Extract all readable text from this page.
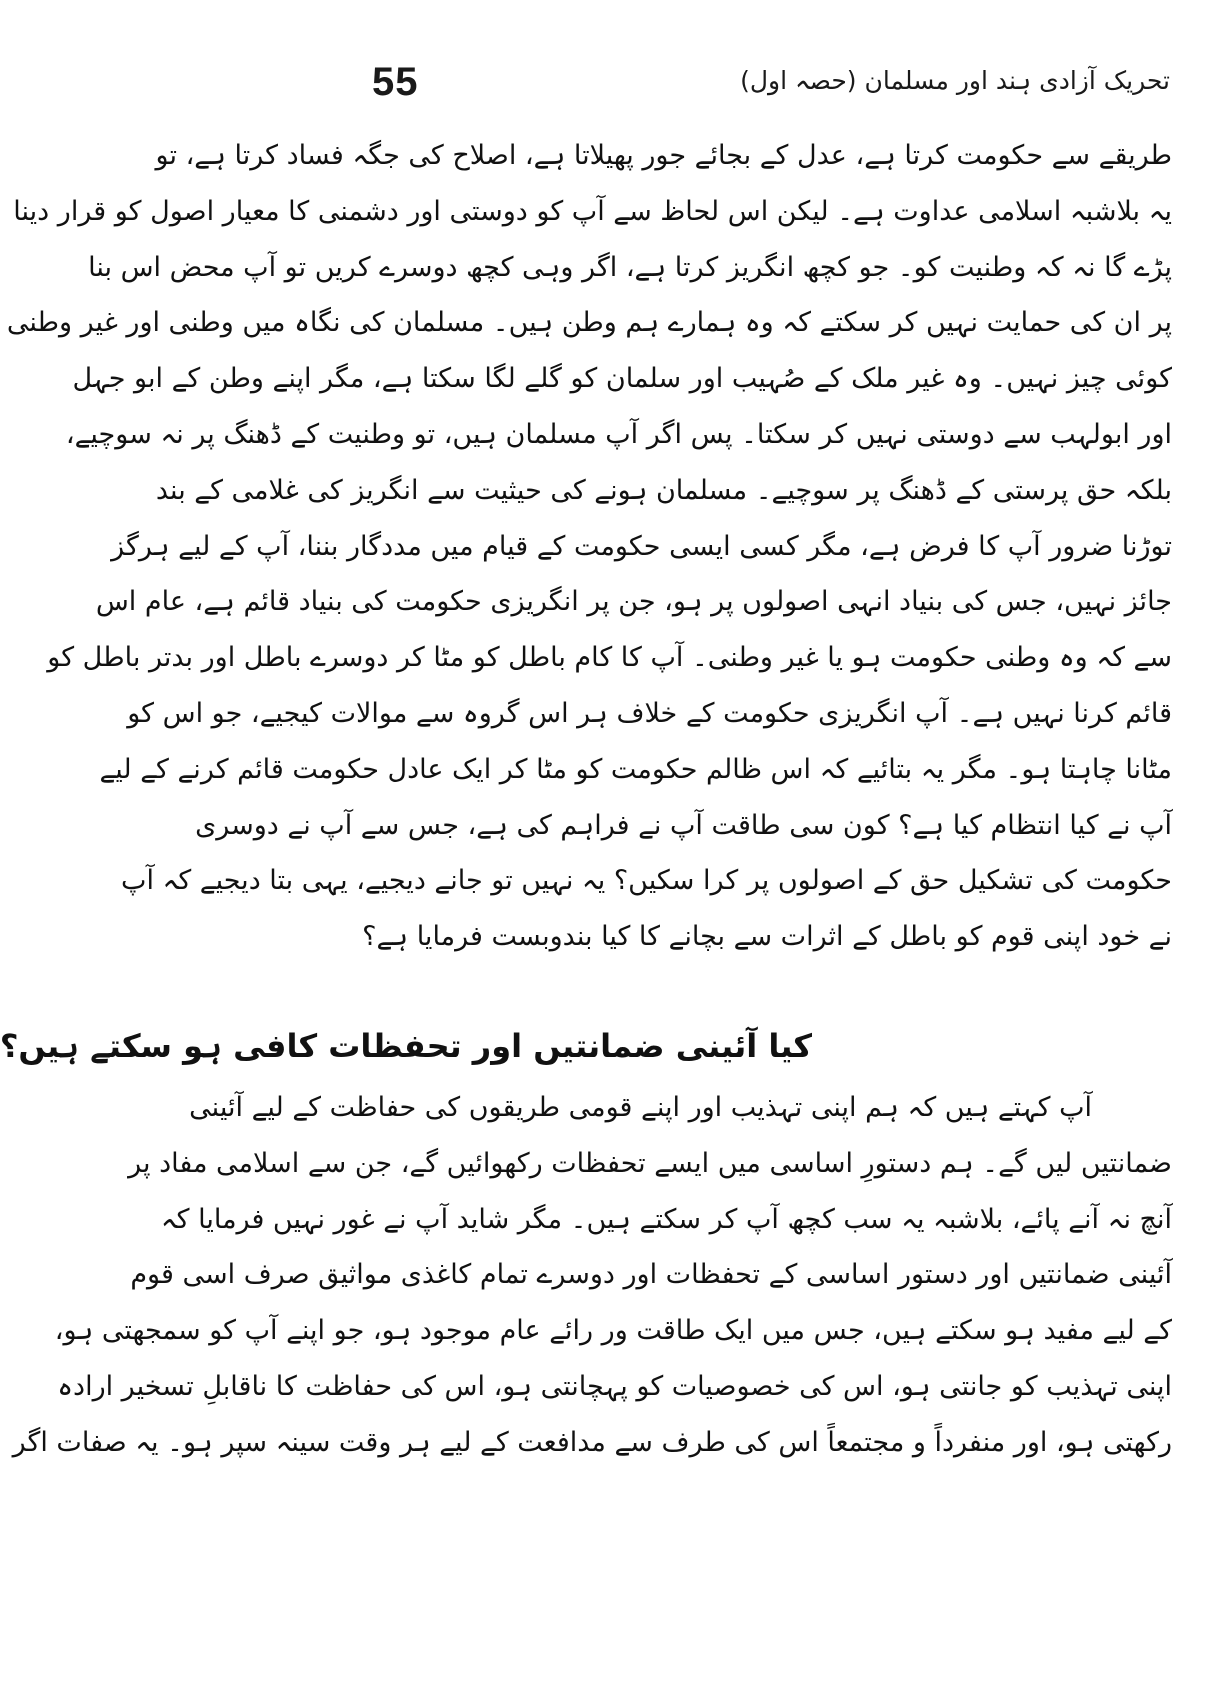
55	تحریک آزادی ہند اور مسلمان (حصہ اول)
طریقے سے حکومت کرتا ہے، عدل کے بجائے جور پھیلاتا ہے، اصلاح کی جگہ فساد کرتا ہے، تو
یہ بلاشبہ اسلامی عداوت ہے۔ لیکن اس لحاظ سے آپ کو دوستی اور دشمنی کا معیار اصول کو قرار دینا
پڑے گا نہ کہ وطنیت کو۔ جو کچھ انگریز کرتا ہے، اگر وہی کچھ دوسرے کریں تو آپ محض اس بنا
پر ان کی حمایت نہیں کر سکتے کہ وہ ہمارے ہم وطن ہیں۔ مسلمان کی نگاہ میں وطنی اور غیر وطنی
کوئی چیز نہیں۔ وہ غیر ملک کے صُہیب اور سلمان کو گلے لگا سکتا ہے، مگر اپنے وطن کے ابو جہل
اور ابولہب سے دوستی نہیں کر سکتا۔ پس اگر آپ مسلمان ہیں، تو وطنیت کے ڈھنگ پر نہ سوچیے،
بلکہ حق پرستی کے ڈھنگ پر سوچیے۔ مسلمان ہونے کی حیثیت سے انگریز کی غلامی کے بند
توڑنا ضرور آپ کا فرض ہے، مگر کسی ایسی حکومت کے قیام میں مددگار بننا، آپ کے لیے ہرگز
جائز نہیں، جس کی بنیاد انہی اصولوں پر ہو، جن پر انگریزی حکومت کی بنیاد قائم ہے، عام اس
سے کہ وہ وطنی حکومت ہو یا غیر وطنی۔ آپ کا کام باطل کو مٹا کر دوسرے باطل اور بدتر باطل کو
قائم کرنا نہیں ہے۔ آپ انگریزی حکومت کے خلاف ہر اس گروہ سے موالات کیجیے، جو اس کو
مٹانا چاہتا ہو۔ مگر یہ بتائیے کہ اس ظالم حکومت کو مٹا کر ایک عادل حکومت قائم کرنے کے لیے
آپ نے کیا انتظام کیا ہے؟ کون سی طاقت آپ نے فراہم کی ہے، جس سے آپ نے دوسری
حکومت کی تشکیل حق کے اصولوں پر کرا سکیں؟ یہ نہیں تو جانے دیجیے، یہی بتا دیجیے کہ آپ
نے خود اپنی قوم کو باطل کے اثرات سے بچانے کا کیا بندوبست فرمایا ہے؟
کیا آئینی ضمانتیں اور تحفظات کافی ہو سکتے ہیں؟
آپ کہتے ہیں کہ ہم اپنی تہذیب اور اپنے قومی طریقوں کی حفاظت کے لیے آئینی
ضمانتیں لیں گے۔ ہم دستورِ اساسی میں ایسے تحفظات رکھوائیں گے، جن سے اسلامی مفاد پر
آنچ نہ آنے پائے، بلاشبہ یہ سب کچھ آپ کر سکتے ہیں۔ مگر شاید آپ نے غور نہیں فرمایا کہ
آئینی ضمانتیں اور دستور اساسی کے تحفظات اور دوسرے تمام کاغذی مواثیق صرف اسی قوم
کے لیے مفید ہو سکتے ہیں، جس میں ایک طاقت ور رائے عام موجود ہو، جو اپنے آپ کو سمجھتی ہو،
اپنی تہذیب کو جانتی ہو، اس کی خصوصیات کو پہچانتی ہو، اس کی حفاظت کا ناقابلِ تسخیر ارادہ
رکھتی ہو، اور منفرداً و مجتمعاً اس کی طرف سے مدافعت کے لیے ہر وقت سینہ سپر ہو۔ یہ صفات اگر
